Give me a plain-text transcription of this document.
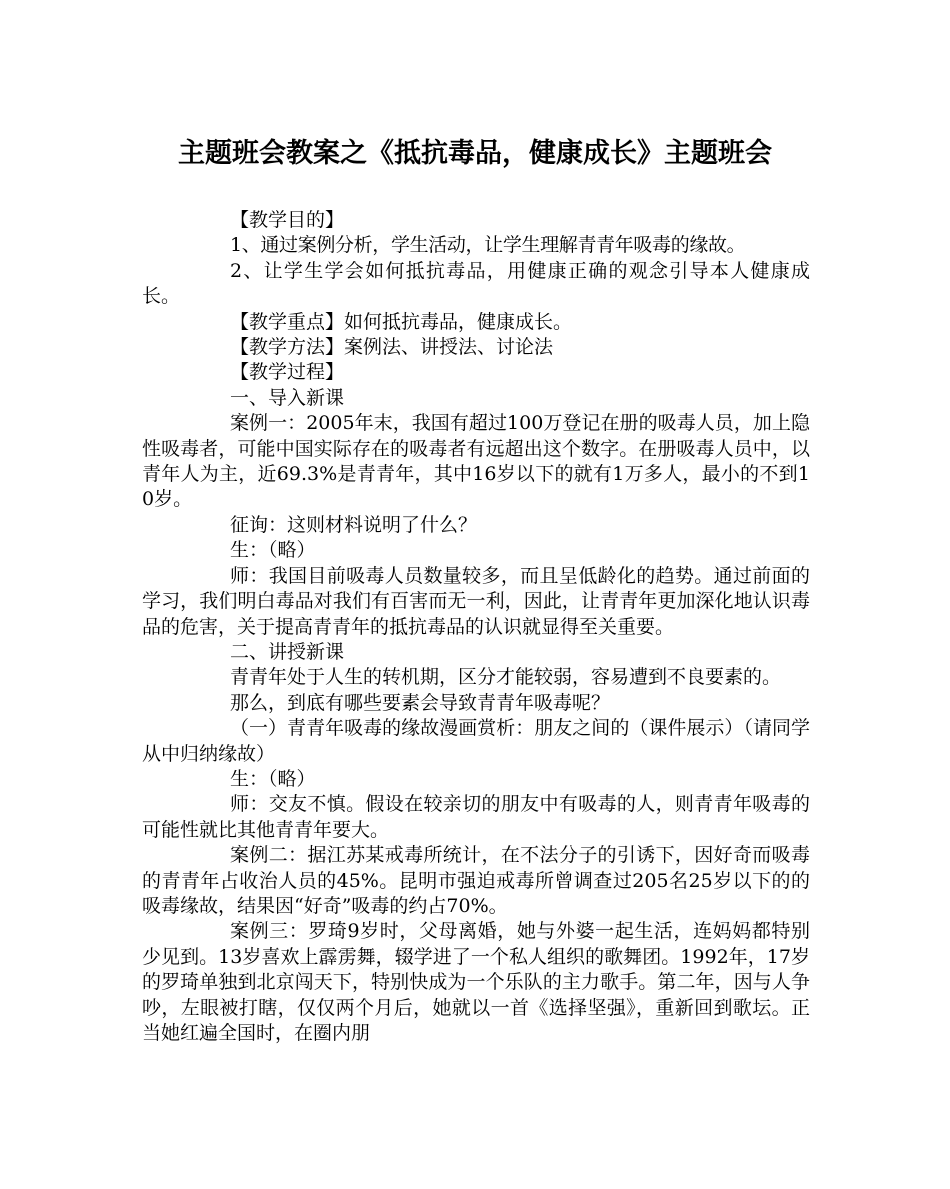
主题班会教案之《抵抗毒品，健康成长》主题班会

【教学目的】

1、通过案例分析，学生活动，让学生理解青青年吸毒的缘故。

2、让学生学会如何抵抗毒品，用健康正确的观念引导本人健康成长。

【教学重点】如何抵抗毒品，健康成长。

【教学方法】案例法、讲授法、讨论法

【教学过程】

一、导入新课

案例一：2005年末，我国有超过100万登记在册的吸毒人员，加上隐性吸毒者，可能中国实际存在的吸毒者有远超出这个数字。在册吸毒人员中，以青年人为主，近69.3%是青青年，其中16岁以下的就有1万多人，最小的不到10岁。

征询：这则材料说明了什么？

生：（略）

师：我国目前吸毒人员数量较多，而且呈低龄化的趋势。通过前面的学习，我们明白毒品对我们有百害而无一利，因此，让青青年更加深化地认识毒品的危害，关于提高青青年的抵抗毒品的认识就显得至关重要。

二、讲授新课

青青年处于人生的转机期，区分才能较弱，容易遭到不良要素的。

那么，到底有哪些要素会导致青青年吸毒呢？

（一）青青年吸毒的缘故漫画赏析：朋友之间的（课件展示）（请同学从中归纳缘故）

生：（略）

师：交友不慎。假设在较亲切的朋友中有吸毒的人，则青青年吸毒的可能性就比其他青青年要大。

案例二：据江苏某戒毒所统计，在不法分子的引诱下，因好奇而吸毒的青青年占收治人员的45%。昆明市强迫戒毒所曾调查过205名25岁以下的的吸毒缘故，结果因“好奇”吸毒的约占70%。

案例三：罗琦9岁时，父母离婚，她与外婆一起生活，连妈妈都特别少见到。13岁喜欢上霹雳舞，辍学进了一个私人组织的歌舞团。1992年，17岁的罗琦单独到北京闯天下，特别快成为一个乐队的主力歌手。第二年，因与人争吵，左眼被打瞎，仅仅两个月后，她就以一首《选择坚强》，重新回到歌坛。正当她红遍全国时，在圈内朋
